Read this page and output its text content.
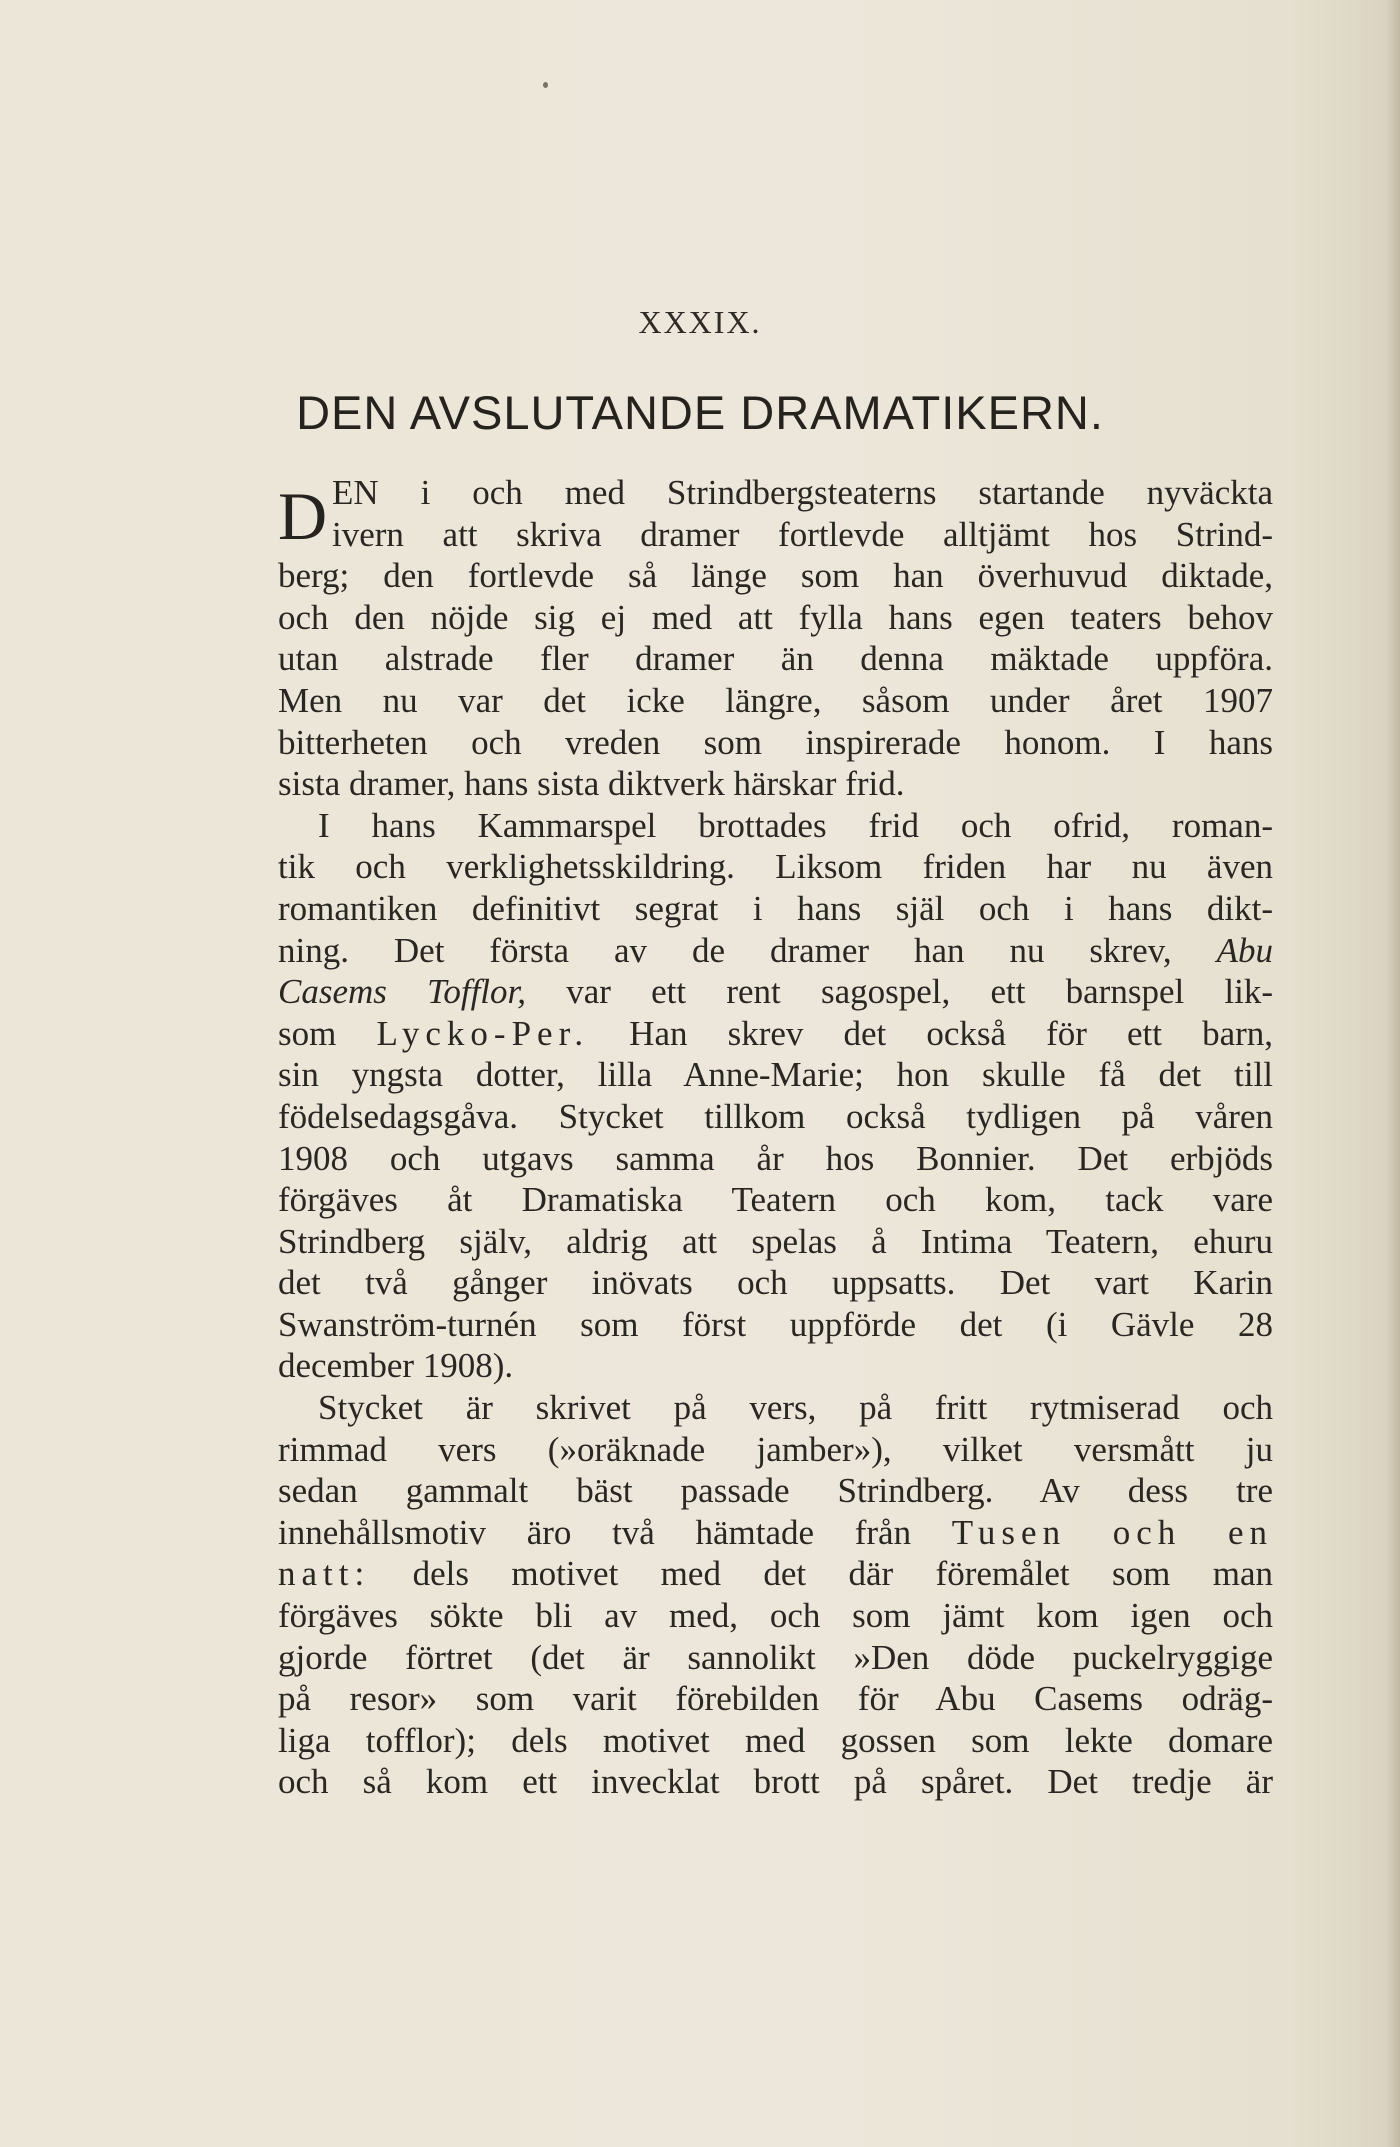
XXXIX.
DEN AVSLUTANDE DRAMATIKERN.
D EN i och med Strindbergsteaterns startande nyväckta
ivern att skriva dramer fortlevde alltjämt hos Strind-
berg; den fortlevde så länge som han överhuvud diktade,
och den nöjde sig ej med att fylla hans egen teaters behov
utan alstrade fler dramer än denna mäktade uppföra.
Men nu var det icke längre, såsom under året 1907
bitterheten och vreden som inspirerade honom. I hans
sista dramer, hans sista diktverk härskar frid.
I hans Kammarspel brottades frid och ofrid, roman-
tik och verklighetsskildring. Liksom friden har nu även
romantiken definitivt segrat i hans själ och i hans dikt-
ning. Det första av de dramer han nu skrev, Abu
Casems Tofflor, var ett rent sagospel, ett barnspel lik-
som Lycko-Per. Han skrev det också för ett barn,
sin yngsta dotter, lilla Anne-Marie; hon skulle få det till
födelsedagsgåva. Stycket tillkom också tydligen på våren
1908 och utgavs samma år hos Bonnier. Det erbjöds
förgäves åt Dramatiska Teatern och kom, tack vare
Strindberg själv, aldrig att spelas å Intima Teatern, ehuru
det två gånger inövats och uppsatts. Det vart Karin
Swanström-turnén som först uppförde det (i Gävle 28
december 1908).
Stycket är skrivet på vers, på fritt rytmiserad och
rimmad vers (»oräknade jamber»), vilket versmått ju
sedan gammalt bäst passade Strindberg. Av dess tre
innehållsmotiv äro två hämtade från Tusen och en
natt: dels motivet med det där föremålet som man
förgäves sökte bli av med, och som jämt kom igen och
gjorde förtret (det är sannolikt »Den döde puckelryggige
på resor» som varit förebilden för Abu Casems odräg-
liga tofflor); dels motivet med gossen som lekte domare
och så kom ett invecklat brott på spåret. Det tredje är
